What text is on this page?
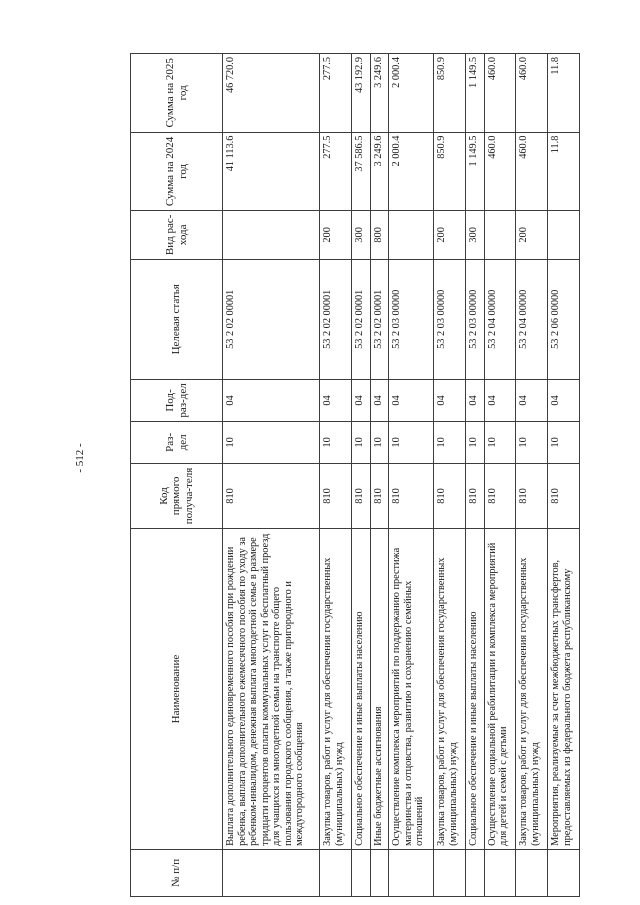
- 512 -
№ п/п	Наименование	Код прямого получа-теля	Раз-дел	Под-раз-дел	Целевая статья	Вид рас-хода	Сумма на 2024 год	Сумма на 2025 год
	Выплата дополнительного единовременного пособия при рождении ребенка, выплата дополнительного ежемесячного пособия по уходу за ребенком-инвалидом, денежная выплата многодетной семье в размере тридцати процентов оплаты коммунальных услуг и бесплатный проезд для учащихся из многодетной семьи на транспорте общего пользования городского сообщения, а также пригородного и междугородного сообщения	810	10	04	53 2 02 00001		41 113.6	46 720.0
	Закупка товаров, работ и услуг для обеспечения государственных (муниципальных) нужд	810	10	04	53 2 02 00001	200	277.5	277.5
	Социальное обеспечение и иные выплаты населению	810	10	04	53 2 02 00001	300	37 586.5	43 192.9
	Иные бюджетные ассигнования	810	10	04	53 2 02 00001	800	3 249.6	3 249.6
	Осуществление комплекса мероприятий по поддержанию престижа материнства и отцовства, развитию и сохранению семейных отношений	810	10	04	53 2 03 00000		2 000.4	2 000.4
	Закупка товаров, работ и услуг для обеспечения государственных (муниципальных) нужд	810	10	04	53 2 03 00000	200	850.9	850.9
	Социальное обеспечение и иные выплаты населению	810	10	04	53 2 03 00000	300	1 149.5	1 149.5
	Осуществление социальной реабилитации и комплекса мероприятий для детей и семей с детьми	810	10	04	53 2 04 00000		460.0	460.0
	Закупка товаров, работ и услуг для обеспечения государственных (муниципальных) нужд	810	10	04	53 2 04 00000	200	460.0	460.0
	Мероприятия, реализуемые за счет межбюджетных трансфертов, предоставляемых из федерального бюджета республиканскому	810	10	04	53 2 06 00000		11.8	11.8
